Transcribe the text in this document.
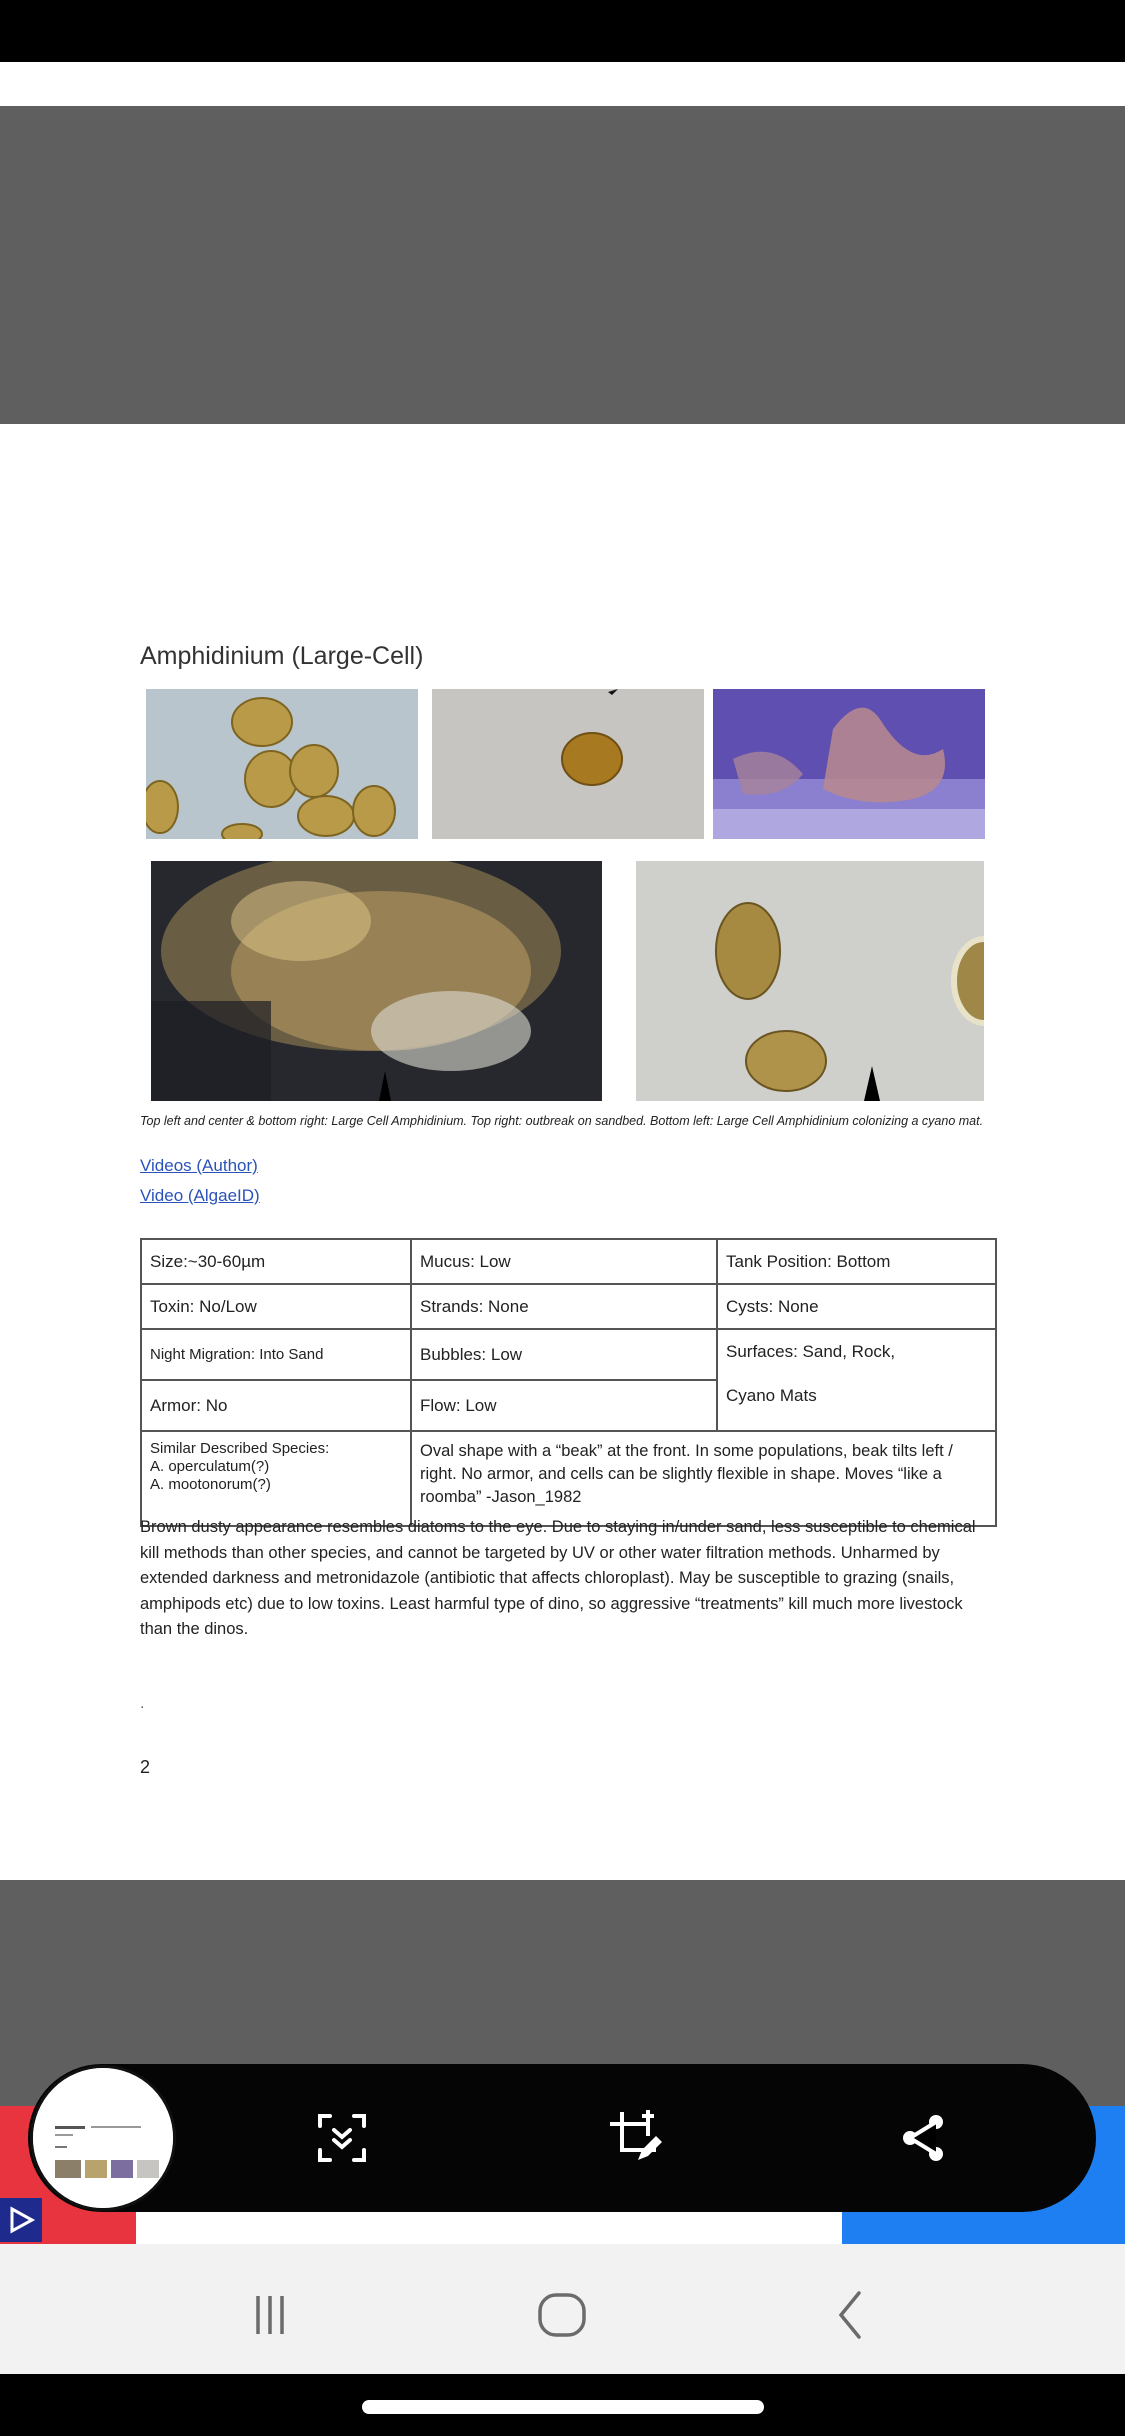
Amphidinium (Large-Cell)
Top left and center & bottom right: Large Cell Amphidinium. Top right: outbreak on sandbed. Bottom left: Large Cell Amphidinium colonizing a cyano mat.
Videos (Author)
Video (AlgaeID)
Size:~30-60µm	Mucus: Low	Tank Position: Bottom
Toxin: No/Low	Strands: None	Cysts: None
Night Migration: Into Sand	Bubbles: Low	Surfaces: Sand, Rock,
Cyano Mats

Armor: No	Flow: Low	

Similar Described Species:
A. operculatum(?)
A. mootonorum(?)	Oval shape with a “beak” at the front. In some populations, beak tilts left / right. No armor, and cells can be slightly flexible in shape. Moves “like a roomba” -Jason_1982	
Brown dusty appearance resembles diatoms to the eye. Due to staying in/under sand, less susceptible to chemical kill methods than other species, and cannot be targeted by UV or other water filtration methods. Unharmed by extended darkness and metronidazole (antibiotic that affects chloroplast). May be susceptible to grazing (snails, amphipods etc) due to low toxins. Least harmful type of dino, so aggressive “treatments” kill much more livestock than the dinos.
.
2
